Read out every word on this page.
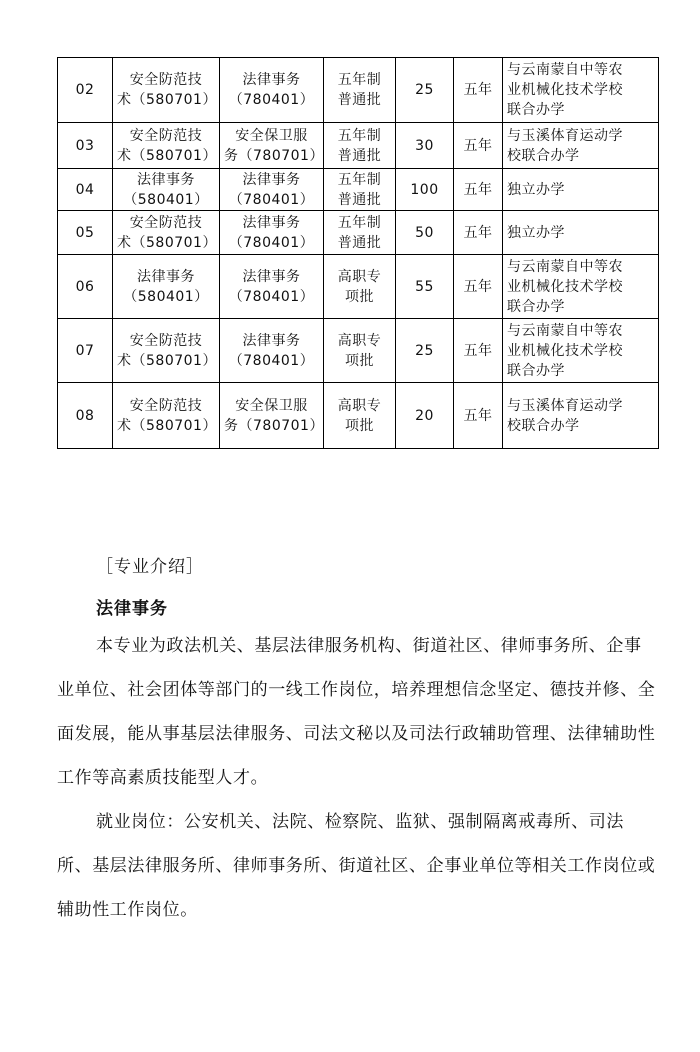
02	安全防范技
术（580701）	法律事务
（780401）	五年制
普通批	25	五年	与云南蒙自中等农
业机械化技术学校
联合办学

03	安全防范技
术（580701）	安全保卫服
务（780701）	五年制
普通批	30	五年	与玉溪体育运动学
校联合办学

04	法律事务
（580401）	法律事务
（780401）	五年制
普通批	100	五年	独立办学

05	安全防范技
术（580701）	法律事务
（780401）	五年制
普通批	50	五年	独立办学

06	法律事务
（580401）	法律事务
（780401）	高职专
项批	55	五年	与云南蒙自中等农
业机械化技术学校
联合办学

07	安全防范技
术（580701）	法律事务
（780401）	高职专
项批	25	五年	与云南蒙自中等农
业机械化技术学校
联合办学

08	安全防范技
术（580701）	安全保卫服
务（780701）	高职专
项批	20	五年	与玉溪体育运动学
校联合办学
［专业介绍］
法律事务

本专业为政法机关、基层法律服务机构、街道社区、律师事务所、企事业单位、社会团体等部门的一线工作岗位，培养理想信念坚定、德技并修、全面发展，能从事基层法律服务、司法文秘以及司法行政辅助管理、法律辅助性工作等高素质技能型人才。

就业岗位：公安机关、法院、检察院、监狱、强制隔离戒毒所、司法所、基层法律服务所、律师事务所、街道社区、企事业单位等相关工作岗位或辅助性工作岗位。
